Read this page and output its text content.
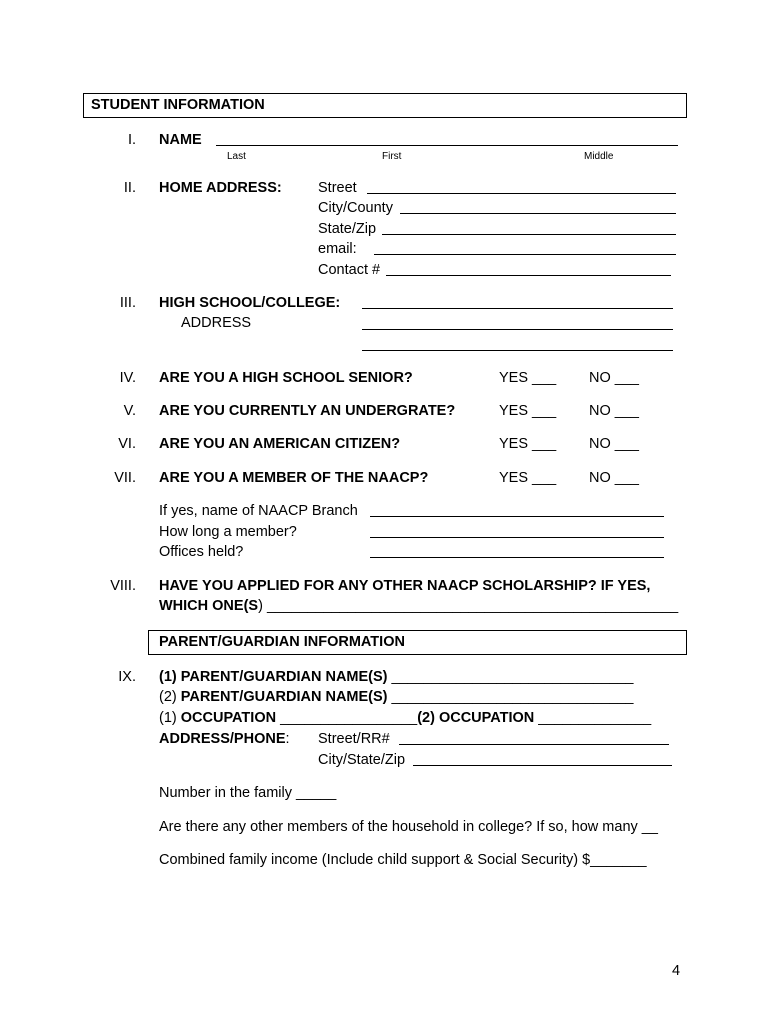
STUDENT INFORMATION
I. NAME
Last	First	Middle
II. HOME ADDRESS:	Street
City/County
State/Zip
email:
Contact #
III. HIGH SCHOOL/COLLEGE:
ADDRESS
IV. ARE YOU A HIGH SCHOOL SENIOR?	YES ___ NO ___
V. ARE YOU CURRENTLY AN UNDERGRATE?	YES ___ NO ___
VI. ARE YOU AN AMERICAN CITIZEN?	YES ___ NO ___
VII. ARE YOU A MEMBER OF THE NAACP?	YES ___ NO ___
If yes, name of NAACP Branch
How long a member?
Offices held?
VIII. HAVE YOU APPLIED FOR ANY OTHER NAACP SCHOLARSHIP? IF YES,
WHICH ONE(S) ___________________________________________________
PARENT/GUARDIAN INFORMATION
IX. (1) PARENT/GUARDIAN NAME(S) ______________________________
(2) PARENT/GUARDIAN NAME(S) ______________________________
(1) OCCUPATION _________________(2) OCCUPATION ______________
ADDRESS/PHONE: Street/RR#
City/State/Zip
Number in the family _____
Are there any other members of the household in college? If so, how many __
Combined family income (Include child support & Social Security) $_______
4
